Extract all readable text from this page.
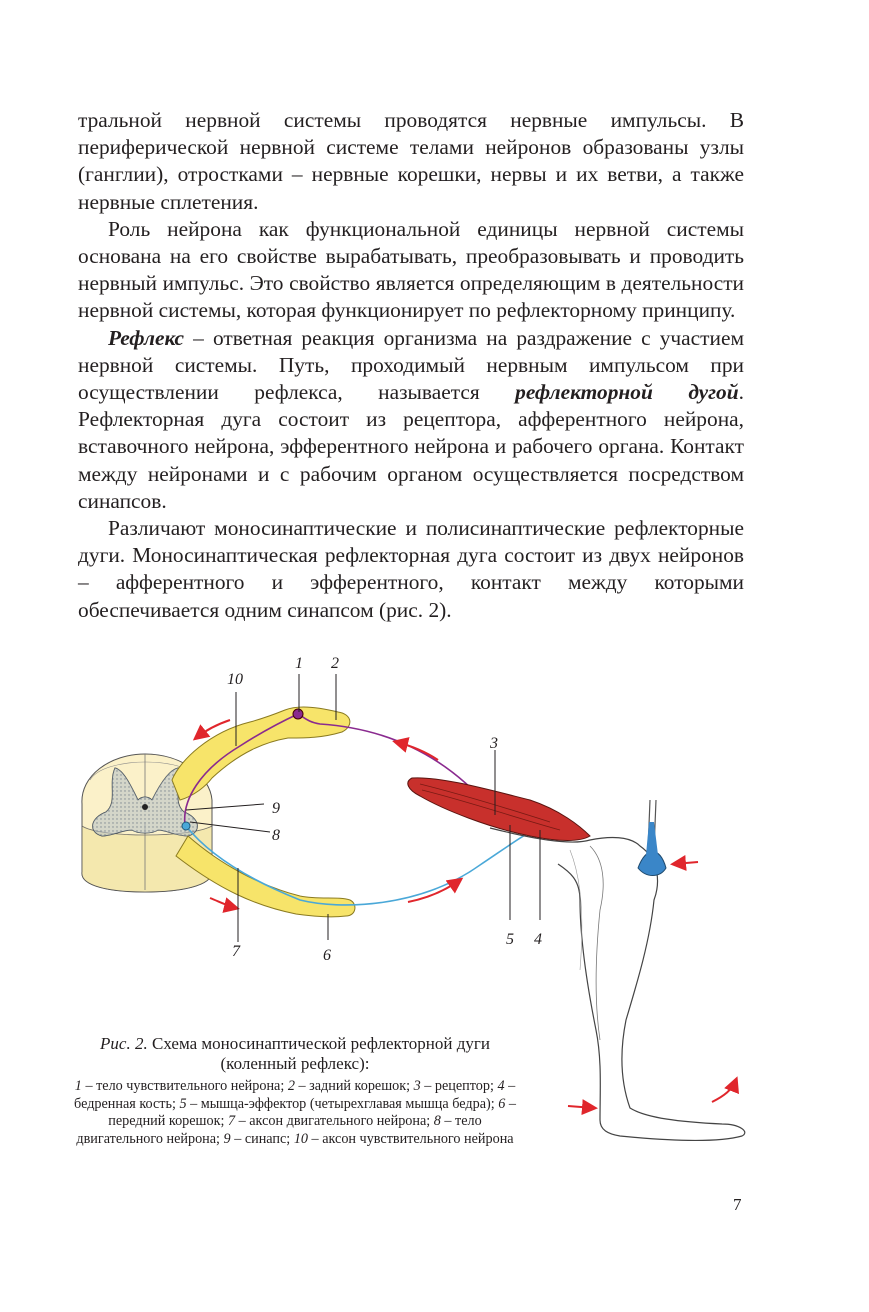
тральной нервной системы проводятся нервные импульсы. В периферической нервной системе телами нейронов образованы узлы (ганглии), отростками – нервные корешки, нервы и их ветви, а также нервные сплетения.

Роль нейрона как функциональной единицы нервной системы основана на его свойстве вырабатывать, преобразовывать и проводить нервный импульс. Это свойство является определяющим в деятельности нервной системы, которая функционирует по рефлекторному принципу.

Рефлекс – ответная реакция организма на раздражение с участием нервной системы. Путь, проходимый нервным импульсом при осуществлении рефлекса, называется рефлекторной дугой. Рефлекторная дуга состоит из рецептора, афферентного нейрона, вставочного нейрона, эфферентного нейрона и рабочего органа. Контакт между нейронами и с рабочим органом осуществляется посредством синапсов.

Различают моносинаптические и полисинаптические рефлекторные дуги. Моносинаптическая рефлекторная дуга состоит из двух нейронов – афферентного и эфферентного, контакт между которыми обеспечивается одним синапсом (рис. 2).

1 2
3
4
5
6
7
8
9
10
Рис. 2. Схема моносинаптической рефлекторной дуги (коленный рефлекс):
1 – тело чувствительного нейрона; 2 – задний корешок; 3 – рецептор; 4 – бедренная кость; 5 – мышца-эффектор (четырехглавая мышца бедра); 6 – передний корешок; 7 – аксон двигательного нейрона; 8 – тело двигательного нейрона; 9 – синапс; 10 – аксон чувствительного нейрона
7
